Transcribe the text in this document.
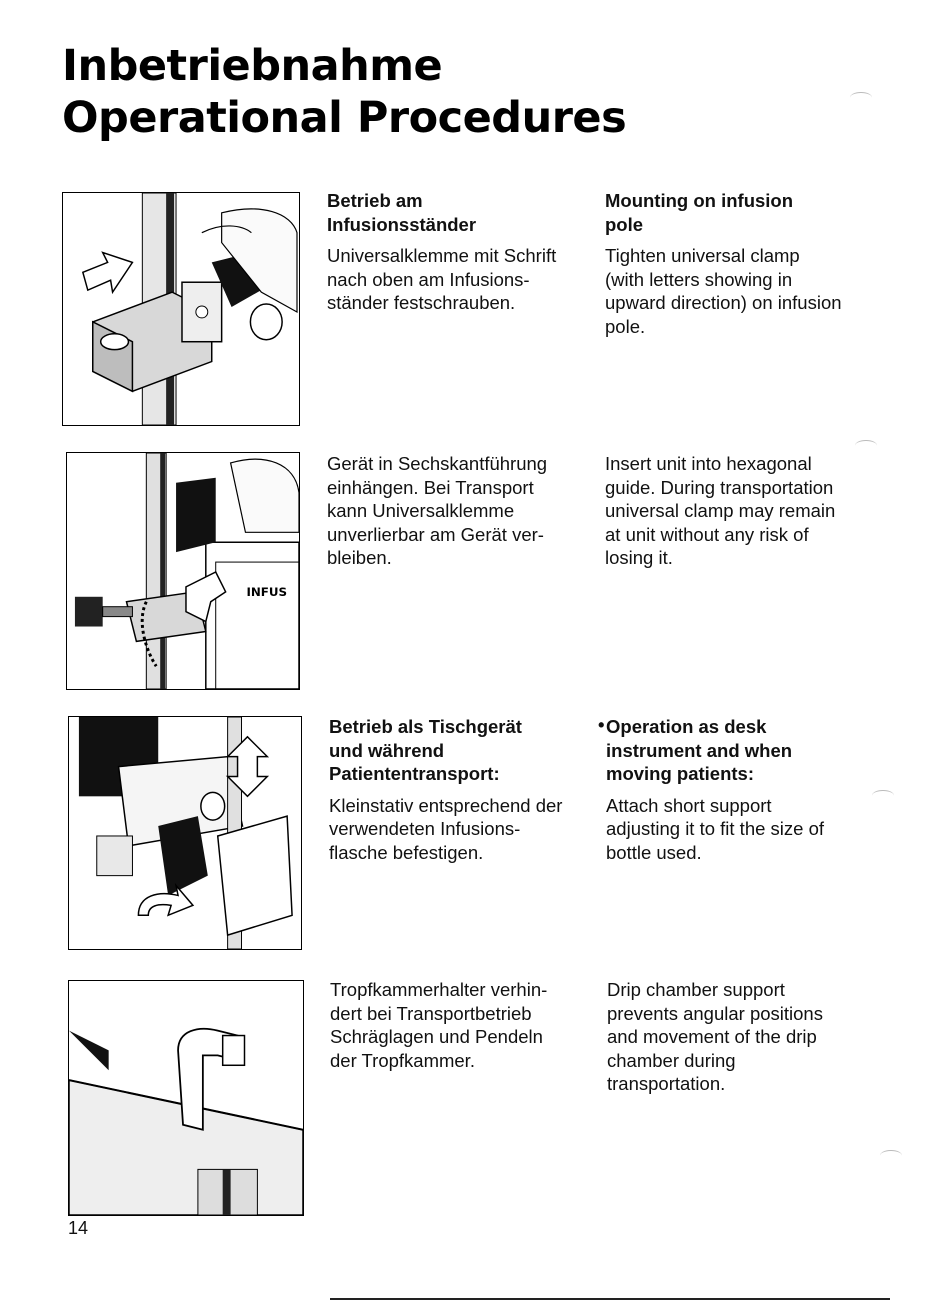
Inbetriebnahme
Operational Procedures
INFUS
Betrieb am
Infusionsständer

Universalklemme mit Schrift
nach oben am Infusions-
ständer festschrauben.

Mounting on infusion
pole

Tighten universal clamp
(with letters showing in
upward direction) on infusion
pole.

Gerät in Sechskantführung
einhängen. Bei Transport
kann Universalklemme
unverlierbar am Gerät ver-
bleiben.

Insert unit into hexagonal
guide. During transportation
universal clamp may remain
at unit without any risk of
losing it.

Betrieb als Tischgerät
und während
Patiententransport:

Kleinstativ entsprechend der
verwendeten Infusions-
flasche befestigen.

• Operation as desk
instrument and when
moving patients:

Attach short support
adjusting it to fit the size of
bottle used.

Tropfkammerhalter verhin-
dert bei Transportbetrieb
Schräglagen und Pendeln
der Tropfkammer.

Drip chamber support
prevents angular positions
and movement of the drip
chamber during
transportation.

14
